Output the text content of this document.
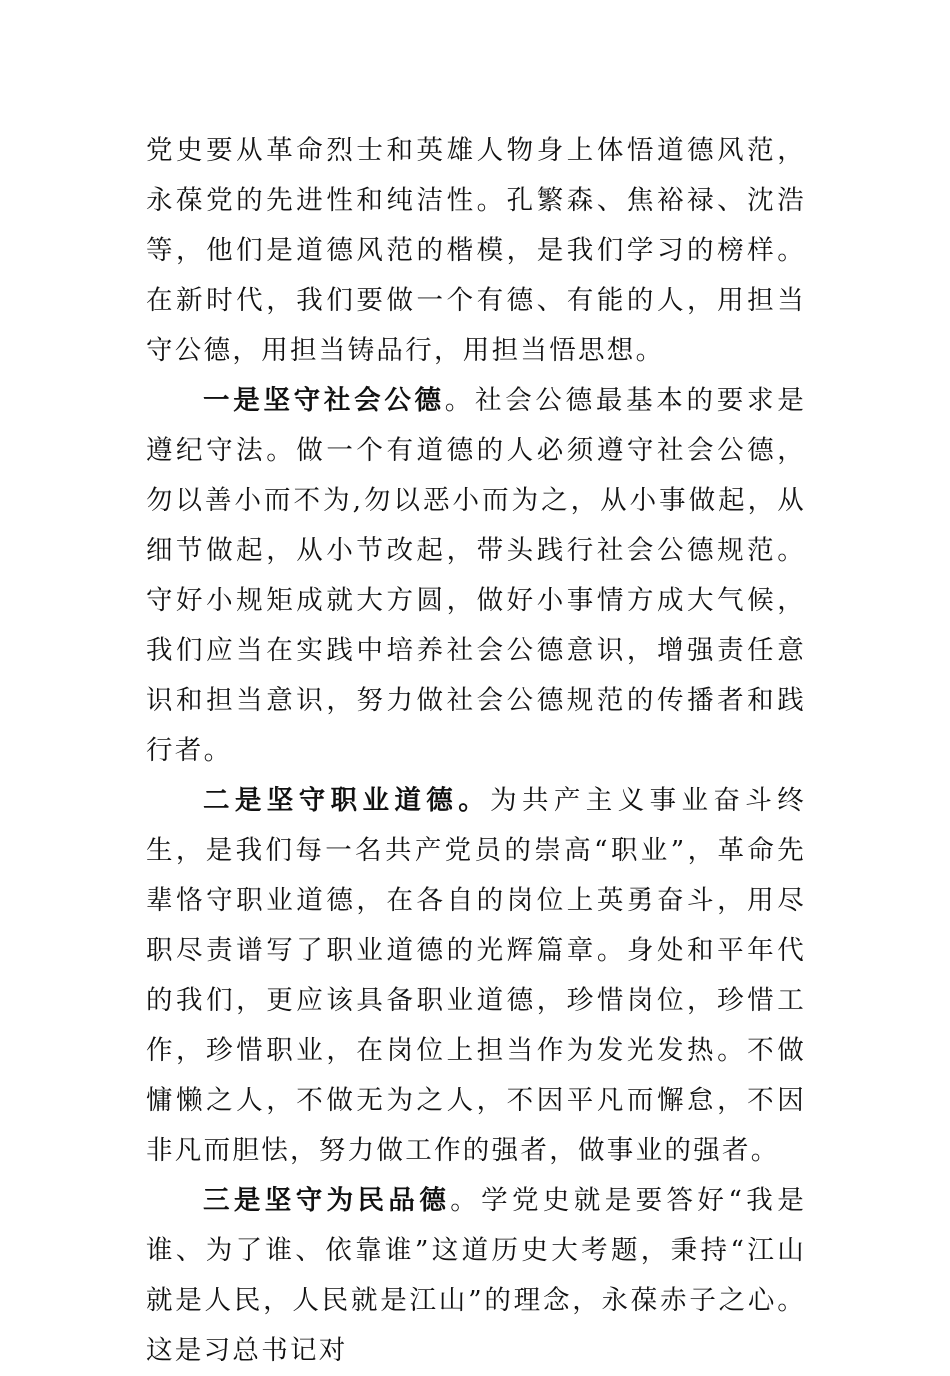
党史要从革命烈士和英雄人物身上体悟道德风范，永葆党的先进性和纯洁性。孔繁森、焦裕禄、沈浩等，他们是道德风范的楷模，是我们学习的榜样。在新时代，我们要做一个有德、有能的人，用担当守公德，用担当铸品行，用担当悟思想。

一是坚守社会公德。社会公德最基本的要求是遵纪守法。做一个有道德的人必须遵守社会公德，勿以善小而不为,勿以恶小而为之，从小事做起，从细节做起，从小节改起，带头践行社会公德规范。守好小规矩成就大方圆，做好小事情方成大气候，我们应当在实践中培养社会公德意识，增强责任意识和担当意识，努力做社会公德规范的传播者和践行者。

二是坚守职业道德。为共产主义事业奋斗终生，是我们每一名共产党员的崇高“职业”，革命先辈恪守职业道德，在各自的岗位上英勇奋斗，用尽职尽责谱写了职业道德的光辉篇章。身处和平年代的我们，更应该具备职业道德，珍惜岗位，珍惜工作，珍惜职业，在岗位上担当作为发光发热。不做慵懒之人，不做无为之人，不因平凡而懈怠，不因非凡而胆怯，努力做工作的强者，做事业的强者。

三是坚守为民品德。学党史就是要答好“我是谁、为了谁、依靠谁”这道历史大考题，秉持“江山就是人民，人民就是江山”的理念，永葆赤子之心。这是习总书记对
